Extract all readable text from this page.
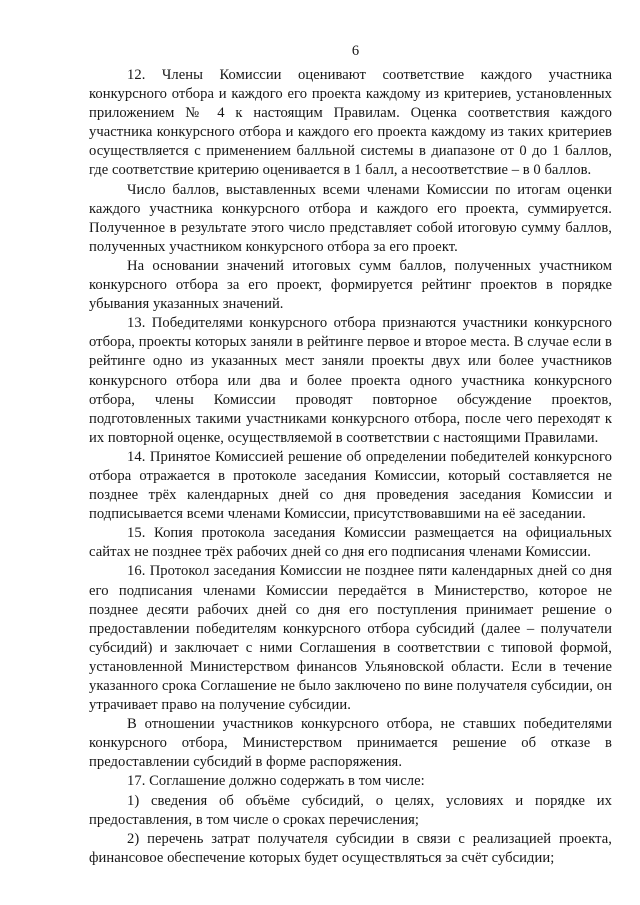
6

12. Члены Комиссии оценивают соответствие каждого участника конкурсного отбора и каждого его проекта каждому из критериев, установленных приложением № 4 к настоящим Правилам. Оценка соответствия каждого участника конкурсного отбора и каждого его проекта каждому из таких критериев осуществляется с применением балльной системы в диапазоне от 0 до 1 баллов, где соответствие критерию оценивается в 1 балл, а несоответствие – в 0 баллов.

Число баллов, выставленных всеми членами Комиссии по итогам оценки каждого участника конкурсного отбора и каждого его проекта, суммируется. Полученное в результате этого число представляет собой итоговую сумму баллов, полученных участником конкурсного отбора за его проект.

На основании значений итоговых сумм баллов, полученных участником конкурсного отбора за его проект, формируется рейтинг проектов в порядке убывания указанных значений.

13. Победителями конкурсного отбора признаются участники конкурсного отбора, проекты которых заняли в рейтинге первое и второе места. В случае если в рейтинге одно из указанных мест заняли проекты двух или более участников конкурсного отбора или два и более проекта одного участника конкурсного отбора, члены Комиссии проводят повторное обсуждение проектов, подготовленных такими участниками конкурсного отбора, после чего переходят к их повторной оценке, осуществляемой в соответствии с настоящими Правилами.

14. Принятое Комиссией решение об определении победителей конкурсного отбора отражается в протоколе заседания Комиссии, который составляется не позднее трёх календарных дней со дня проведения заседания Комиссии и подписывается всеми членами Комиссии, присутствовавшими на её заседании.

15. Копия протокола заседания Комиссии размещается на официальных сайтах не позднее трёх рабочих дней со дня его подписания членами Комиссии.

16. Протокол заседания Комиссии не позднее пяти календарных дней со дня его подписания членами Комиссии передаётся в Министерство, которое не позднее десяти рабочих дней со дня его поступления принимает решение о предоставлении победителям конкурсного отбора субсидий (далее – получатели субсидий) и заключает с ними Соглашения в соответствии с типовой формой, установленной Министерством финансов Ульяновской области. Если в течение указанного срока Соглашение не было заключено по вине получателя субсидии, он утрачивает право на получение субсидии.

В отношении участников конкурсного отбора, не ставших победителями конкурсного отбора, Министерством принимается решение об отказе в предоставлении субсидий в форме распоряжения.

17. Соглашение должно содержать в том числе:

1) сведения об объёме субсидий, о целях, условиях и порядке их предоставления, в том числе о сроках перечисления;

2) перечень затрат получателя субсидии в связи с реализацией проекта, финансовое обеспечение которых будет осуществляться за счёт субсидии;
